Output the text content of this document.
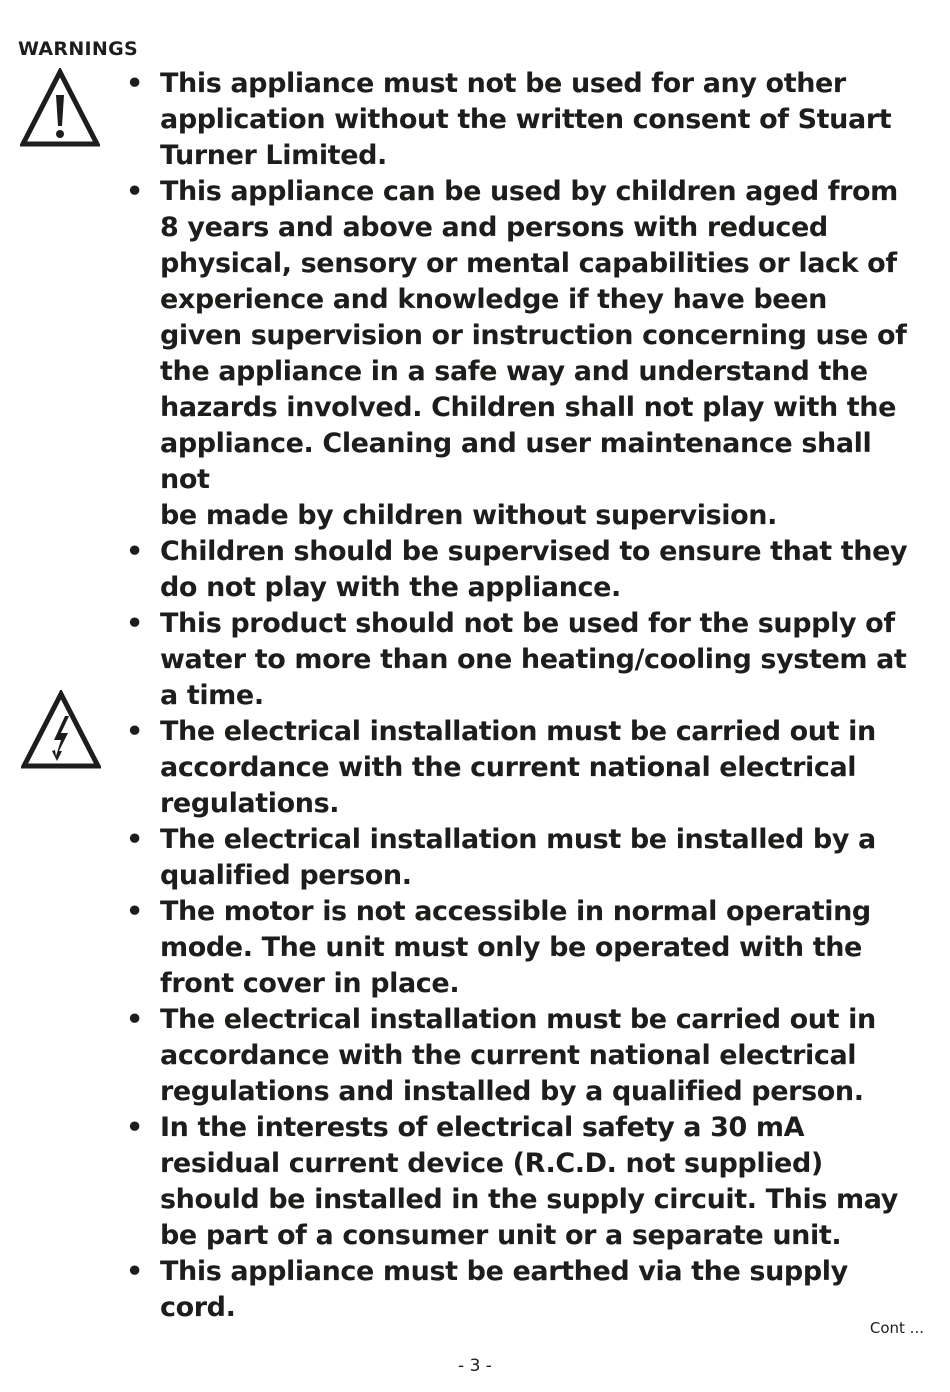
WARNINGS
• This appliance must not be used for any other
application without the written consent of Stuart
Turner Limited.
• This appliance can be used by children aged from
8 years and above and persons with reduced
physical, sensory or mental capabilities or lack of
experience and knowledge if they have been
given supervision or instruction concerning use of
the appliance in a safe way and understand the
hazards involved. Children shall not play with the
appliance. Cleaning and user maintenance shall not
be made by children without supervision.
• Children should be supervised to ensure that they
do not play with the appliance.
• This product should not be used for the supply of
water to more than one heating/cooling system at
a time.
• The electrical installation must be carried out in
accordance with the current national electrical
regulations.
• The electrical installation must be installed by a
qualified person.
• The motor is not accessible in normal operating
mode. The unit must only be operated with the
front cover in place.
• The electrical installation must be carried out in
accordance with the current national electrical
regulations and installed by a qualified person.
• In the interests of electrical safety a 30 mA
residual current device (R.C.D. not supplied)
should be installed in the supply circuit. This may
be part of a consumer unit or a separate unit.
• This appliance must be earthed via the supply
cord.
Cont ...
- 3 -
